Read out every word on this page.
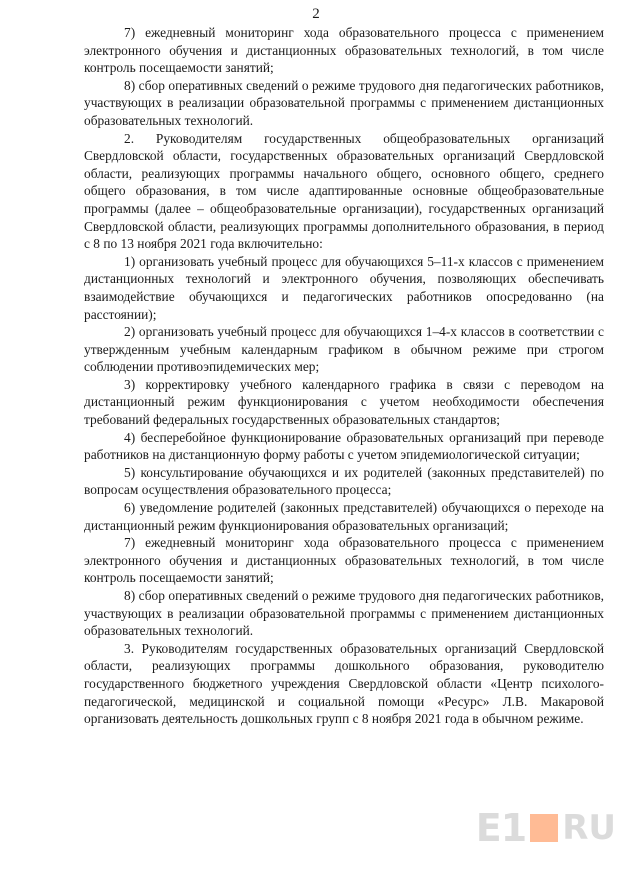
2

7) ежедневный мониторинг хода образовательного процесса с применением электронного обучения и дистанционных образовательных технологий, в том числе контроль посещаемости занятий;

8) сбор оперативных сведений о режиме трудового дня педагогических работников, участвующих в реализации образовательной программы с применением дистанционных образовательных технологий.

2. Руководителям государственных общеобразовательных организаций Свердловской области, государственных образовательных организаций Свердловской области, реализующих программы начального общего, основного общего, среднего общего образования, в том числе адаптированные основные общеобразовательные программы (далее – общеобразовательные организации), государственных организаций Свердловской области, реализующих программы дополнительного образования, в период с 8 по 13 ноября 2021 года включительно:

1) организовать учебный процесс для обучающихся 5–11-х классов с применением дистанционных технологий и электронного обучения, позволяющих обеспечивать взаимодействие обучающихся и педагогических работников опосредованно (на расстоянии);

2) организовать учебный процесс для обучающихся 1–4-х классов в соответствии с утвержденным учебным календарным графиком в обычном режиме при строгом соблюдении противоэпидемических мер;

3) корректировку учебного календарного графика в связи с переводом на дистанционный режим функционирования с учетом необходимости обеспечения требований федеральных государственных образовательных стандартов;

4) бесперебойное функционирование образовательных организаций при переводе работников на дистанционную форму работы с учетом эпидемиологической ситуации;

5) консультирование обучающихся и их родителей (законных представителей) по вопросам осуществления образовательного процесса;

6) уведомление родителей (законных представителей) обучающихся о переходе на дистанционный режим функционирования образовательных организаций;

7) ежедневный мониторинг хода образовательного процесса с применением электронного обучения и дистанционных образовательных технологий, в том числе контроль посещаемости занятий;

8) сбор оперативных сведений о режиме трудового дня педагогических работников, участвующих в реализации образовательной программы с применением дистанционных образовательных технологий.

3. Руководителям государственных образовательных организаций Свердловской области, реализующих программы дошкольного образования, руководителю государственного бюджетного учреждения Свердловской области «Центр психолого-педагогической, медицинской и социальной помощи «Ресурс» Л.В. Макаровой организовать деятельность дошкольных групп с 8 ноября 2021 года в обычном режиме.

E1 RU
